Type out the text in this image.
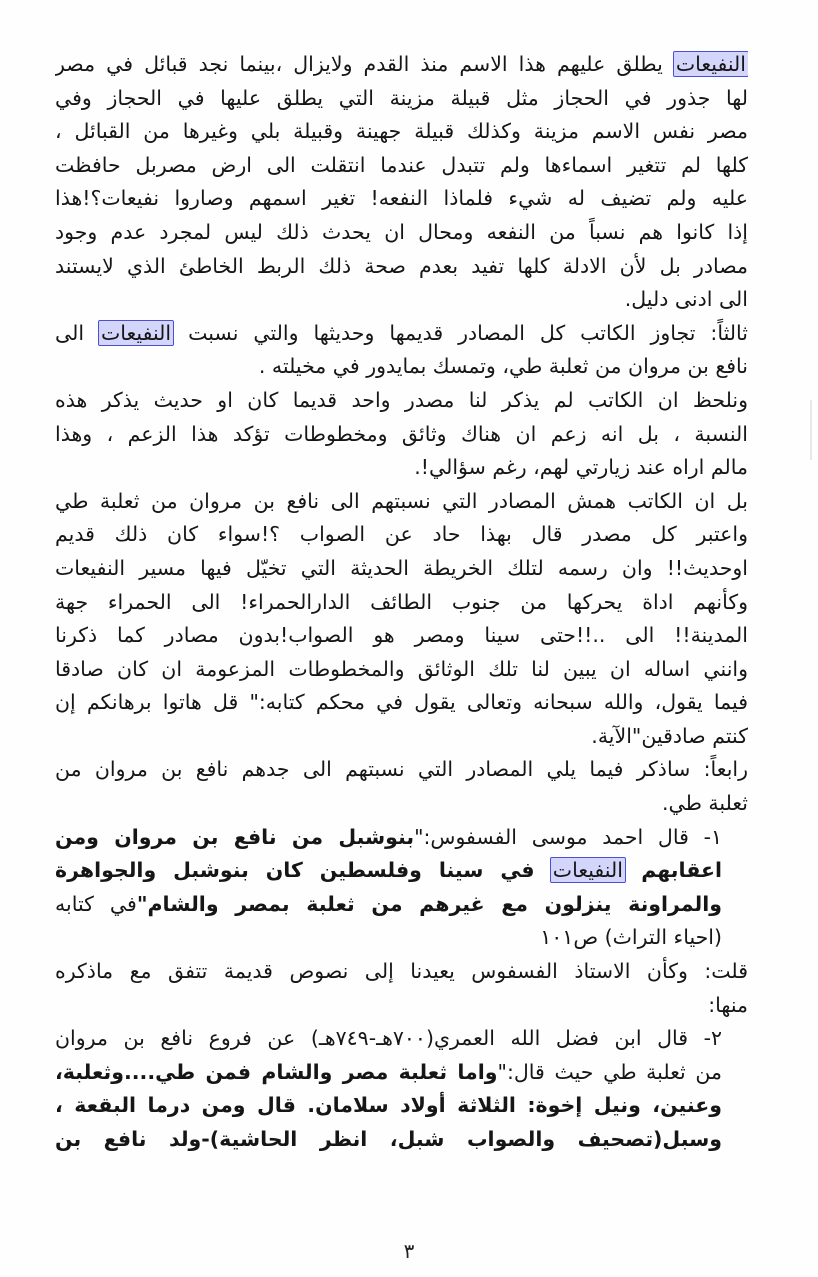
النفيعات يطلق عليهم هذا الاسم منذ القدم ولايزال ،بينما نجد قبائل في مصر
لها جذور في الحجاز مثل قبيلة مزينة التي يطلق عليها في الحجاز وفي
مصر نفس الاسم مزينة وكذلك قبيلة جهينة وقبيلة بلي وغيرها من القبائل ،
كلها لم تتغير اسماءها ولم تتبدل عندما انتقلت الى ارض مصربل حافظت
عليه ولم تضيف له شيء فلماذا النفعه! تغير اسمهم وصاروا نفيعات؟!هذا
إذا كانوا هم نسباً من النفعه ومحال ان يحدث ذلك ليس لمجرد عدم وجود
مصادر بل لأن الادلة كلها تفيد بعدم صحة ذلك الربط الخاطئ الذي لايستند
الى ادنى دليل.
ثالثاً: تجاوز الكاتب كل المصادر قديمها وحديثها والتي نسبت النفيعات الى
نافع بن مروان من ثعلبة طي، وتمسك بمايدور في مخيلته .
ونلحظ ان الكاتب لم يذكر لنا مصدر واحد قديما كان او حديث يذكر هذه
النسبة ، بل انه زعم ان هناك وثائق ومخطوطات تؤكد هذا الزعم ، وهذا
مالم اراه عند زيارتي لهم، رغم سؤالي!.
بل ان الكاتب همش المصادر التي نسبتهم الى نافع بن مروان من ثعلبة طي
واعتبر كل مصدر قال بهذا حاد عن الصواب ؟!سواء كان ذلك قديم
اوحديث!! وان رسمه لتلك الخريطة الحديثة التي تخيّل فيها مسير النفيعات
وكأنهم اداة يحركها من جنوب الطائف الدارالحمراء! الى الحمراء جهة
المدينة!! الى ..!!حتى سينا ومصر هو الصواب!بدون مصادر كما ذكرنا
وانني اساله ان يبين لنا تلك الوثائق والمخطوطات المزعومة ان كان صادقا
ًفيما يقول، والله سبحانه وتعالى يقول في محكم كتابه:" قل هاتوا برهانكم إن
كنتم صادقين"الآية.
رابعاً: ساذكر فيما يلي المصادر التي نسبتهم الى جدهم نافع بن مروان من
ثعلبة طي.
١- قال احمد موسى الفسفوس:"بنوشبل من نافع بن مروان ومن
اعقابهم النفيعات في سينا وفلسطين كان بنوشبل والجواهرة
والمراونة ينزلون مع غيرهم من ثعلبة بمصر والشام"في كتابه
(احياء التراث) ص١٠١
قلت: وكأن الاستاذ الفسفوس يعيدنا إلى نصوص قديمة تتفق مع ماذكره
منها:
٢- قال ابن فضل الله العمري(٧٠٠هـ-٧٤٩هـ) عن فروع نافع بن مروان
من ثعلبة طي حيث قال:"واما ثعلبة مصر والشام فمن طي....وثعلبة،
وعنين، ونيل إخوة: الثلاثة أولاد سلامان. قال ومن درما البقعة ،
وسبل(تصحيف والصواب شبل، انظر الحاشية)-ولد نافع بن
٣
